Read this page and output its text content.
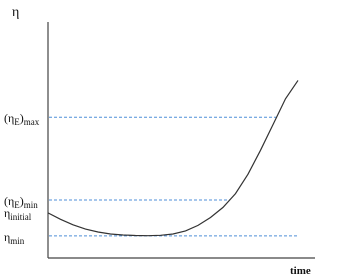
η
time
$(\eta_E)_{max}$
$(\eta_E)_{min}$
$\eta_{initial}$
$\eta_{min}$
